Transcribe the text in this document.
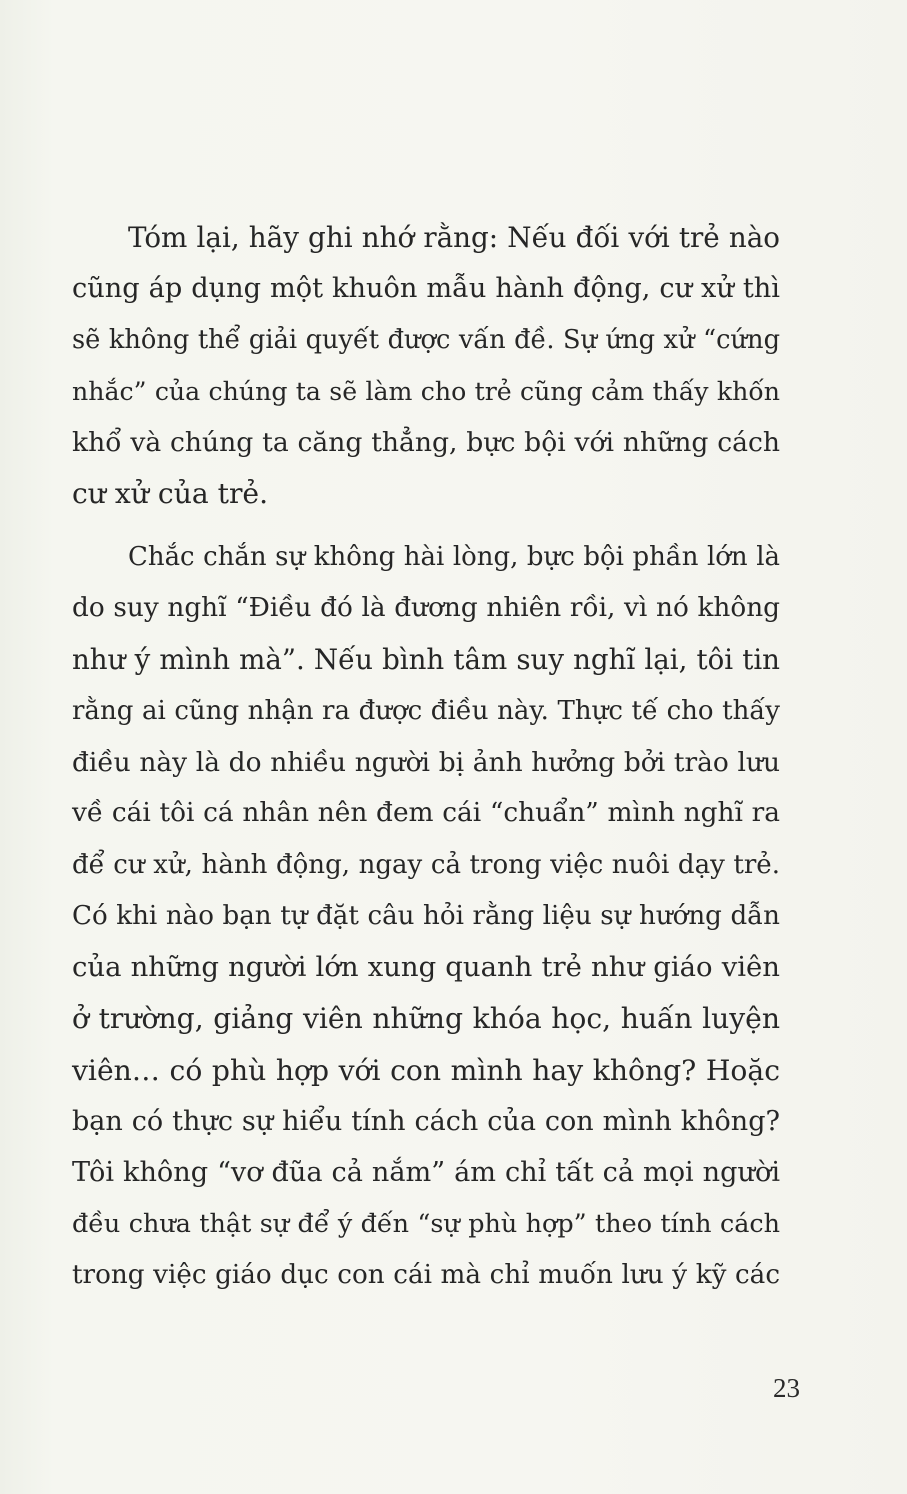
Tóm lại, hãy ghi nhớ rằng: Nếu đối với trẻ nào
cũng áp dụng một khuôn mẫu hành động, cư xử thì
sẽ không thể giải quyết được vấn đề. Sự ứng xử “cứng
nhắc” của chúng ta sẽ làm cho trẻ cũng cảm thấy khốn
khổ và chúng ta căng thẳng, bực bội với những cách
cư xử của trẻ.

Chắc chắn sự không hài lòng, bực bội phần lớn là
do suy nghĩ “Điều đó là đương nhiên rồi, vì nó không
như ý mình mà”. Nếu bình tâm suy nghĩ lại, tôi tin
rằng ai cũng nhận ra được điều này. Thực tế cho thấy
điều này là do nhiều người bị ảnh hưởng bởi trào lưu
về cái tôi cá nhân nên đem cái “chuẩn” mình nghĩ ra
để cư xử, hành động, ngay cả trong việc nuôi dạy trẻ.
Có khi nào bạn tự đặt câu hỏi rằng liệu sự hướng dẫn
của những người lớn xung quanh trẻ như giáo viên
ở trường, giảng viên những khóa học, huấn luyện
viên… có phù hợp với con mình hay không? Hoặc
bạn có thực sự hiểu tính cách của con mình không?
Tôi không “vơ đũa cả nắm” ám chỉ tất cả mọi người
đều chưa thật sự để ý đến “sự phù hợp” theo tính cách
trong việc giáo dục con cái mà chỉ muốn lưu ý kỹ các

23
